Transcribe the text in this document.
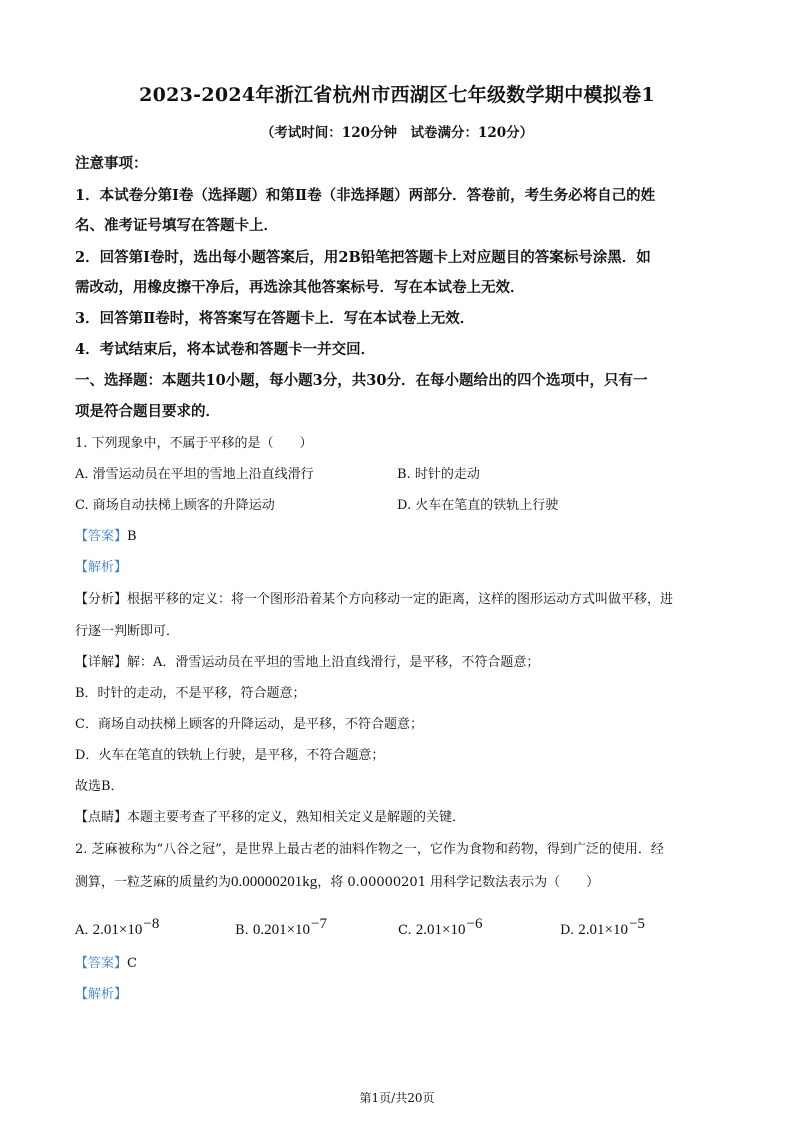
2023-2024年浙江省杭州市西湖区七年级数学期中模拟卷1
（考试时间：120分钟　试卷满分：120分）
注意事项：
1．本试卷分第Ⅰ卷（选择题）和第Ⅱ卷（非选择题）两部分．答卷前，考生务必将自己的姓
名、准考证号填写在答题卡上．
2．回答第Ⅰ卷时，选出每小题答案后，用2B铅笔把答题卡上对应题目的答案标号涂黑．如
需改动，用橡皮擦干净后，再选涂其他答案标号．写在本试卷上无效．
3．回答第Ⅱ卷时，将答案写在答题卡上．写在本试卷上无效．
4．考试结束后，将本试卷和答题卡一并交回．
一、选择题：本题共10小题，每小题3分，共30分．在每小题给出的四个选项中，只有一
项是符合题目要求的．
1. 下列现象中，不属于平移的是（　　）
A. 滑雪运动员在平坦的雪地上沿直线滑行	B. 时针的走动
C. 商场自动扶梯上顾客的升降运动	D. 火车在笔直的铁轨上行驶
【答案】B
【解析】
【分析】根据平移的定义：将一个图形沿着某个方向移动一定的距离，这样的图形运动方式叫做平移，进
行逐一判断即可．
【详解】解：A．滑雪运动员在平坦的雪地上沿直线滑行，是平移，不符合题意；
B．时针的走动，不是平移，符合题意；
C．商场自动扶梯上顾客的升降运动，是平移，不符合题意；
D．火车在笔直的铁轨上行驶，是平移，不符合题意；
故选B．
【点睛】本题主要考查了平移的定义，熟知相关定义是解题的关键．
2. 芝麻被称为“八谷之冠”，是世界上最古老的油料作物之一，它作为食物和药物，得到广泛的使用．经
测算，一粒芝麻的质量约为0.00000201kg，将 0.00000201 用科学记数法表示为（　　）
A. $2.01\times 10^{-8}$	B. $0.201\times 10^{-7}$	C. $2.01\times 10^{-6}$	D. $2.01\times 10^{-5}$
【答案】C
【解析】
第1页/共20页
